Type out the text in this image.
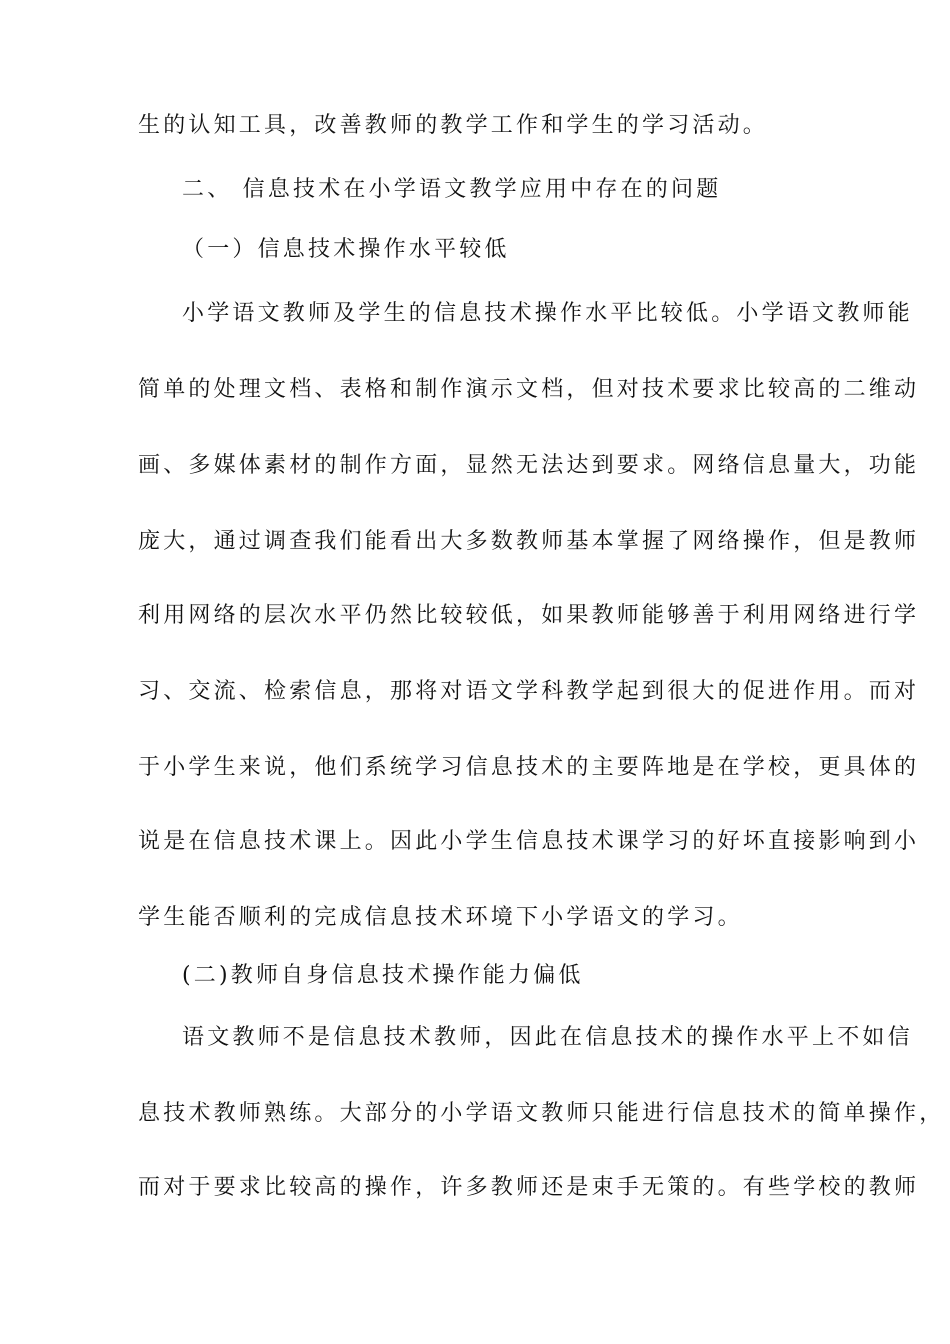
生的认知工具，改善教师的教学工作和学生的学习活动。
二、 信息技术在小学语文教学应用中存在的问题
（一）信息技术操作水平较低
小学语文教师及学生的信息技术操作水平比较低。小学语文教师能
简单的处理文档、表格和制作演示文档，但对技术要求比较高的二维动
画、多媒体素材的制作方面，显然无法达到要求。网络信息量大，功能
庞大，通过调查我们能看出大多数教师基本掌握了网络操作，但是教师
利用网络的层次水平仍然比较较低，如果教师能够善于利用网络进行学
习、交流、检索信息，那将对语文学科教学起到很大的促进作用。而对
于小学生来说，他们系统学习信息技术的主要阵地是在学校，更具体的
说是在信息技术课上。因此小学生信息技术课学习的好坏直接影响到小
学生能否顺利的完成信息技术环境下小学语文的学习。
(二)教师自身信息技术操作能力偏低
语文教师不是信息技术教师，因此在信息技术的操作水平上不如信
息技术教师熟练。大部分的小学语文教师只能进行信息技术的简单操作，
而对于要求比较高的操作，许多教师还是束手无策的。有些学校的教师
